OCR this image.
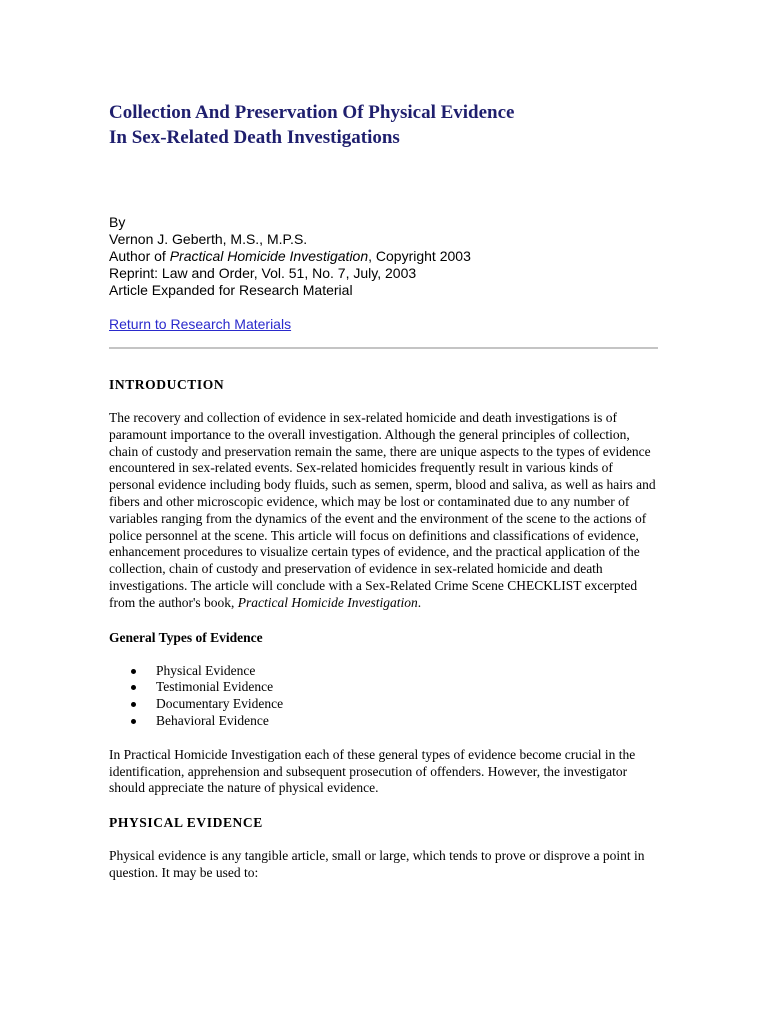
Collection And Preservation Of Physical Evidence
In Sex-Related Death Investigations
By
Vernon J. Geberth, M.S., M.P.S.
Author of Practical Homicide Investigation, Copyright 2003
Reprint: Law and Order, Vol. 51, No. 7, July, 2003
Article Expanded for Research Material
Return to Research Materials
INTRODUCTION

The recovery and collection of evidence in sex-related homicide and death investigations is of paramount importance to the overall investigation. Although the general principles of collection, chain of custody and preservation remain the same, there are unique aspects to the types of evidence encountered in sex-related events. Sex-related homicides frequently result in various kinds of personal evidence including body fluids, such as semen, sperm, blood and saliva, as well as hairs and fibers and other microscopic evidence, which may be lost or contaminated due to any number of variables ranging from the dynamics of the event and the environment of the scene to the actions of police personnel at the scene. This article will focus on definitions and classifications of evidence, enhancement procedures to visualize certain types of evidence, and the practical application of the collection, chain of custody and preservation of evidence in sex-related homicide and death investigations. The article will conclude with a Sex-Related Crime Scene CHECKLIST excerpted from the author's book, Practical Homicide Investigation.

General Types of Evidence
Physical Evidence
Testimonial Evidence
Documentary Evidence
Behavioral Evidence

In Practical Homicide Investigation each of these general types of evidence become crucial in the identification, apprehension and subsequent prosecution of offenders. However, the investigator should appreciate the nature of physical evidence.

PHYSICAL EVIDENCE

Physical evidence is any tangible article, small or large, which tends to prove or disprove a point in question. It may be used to:
